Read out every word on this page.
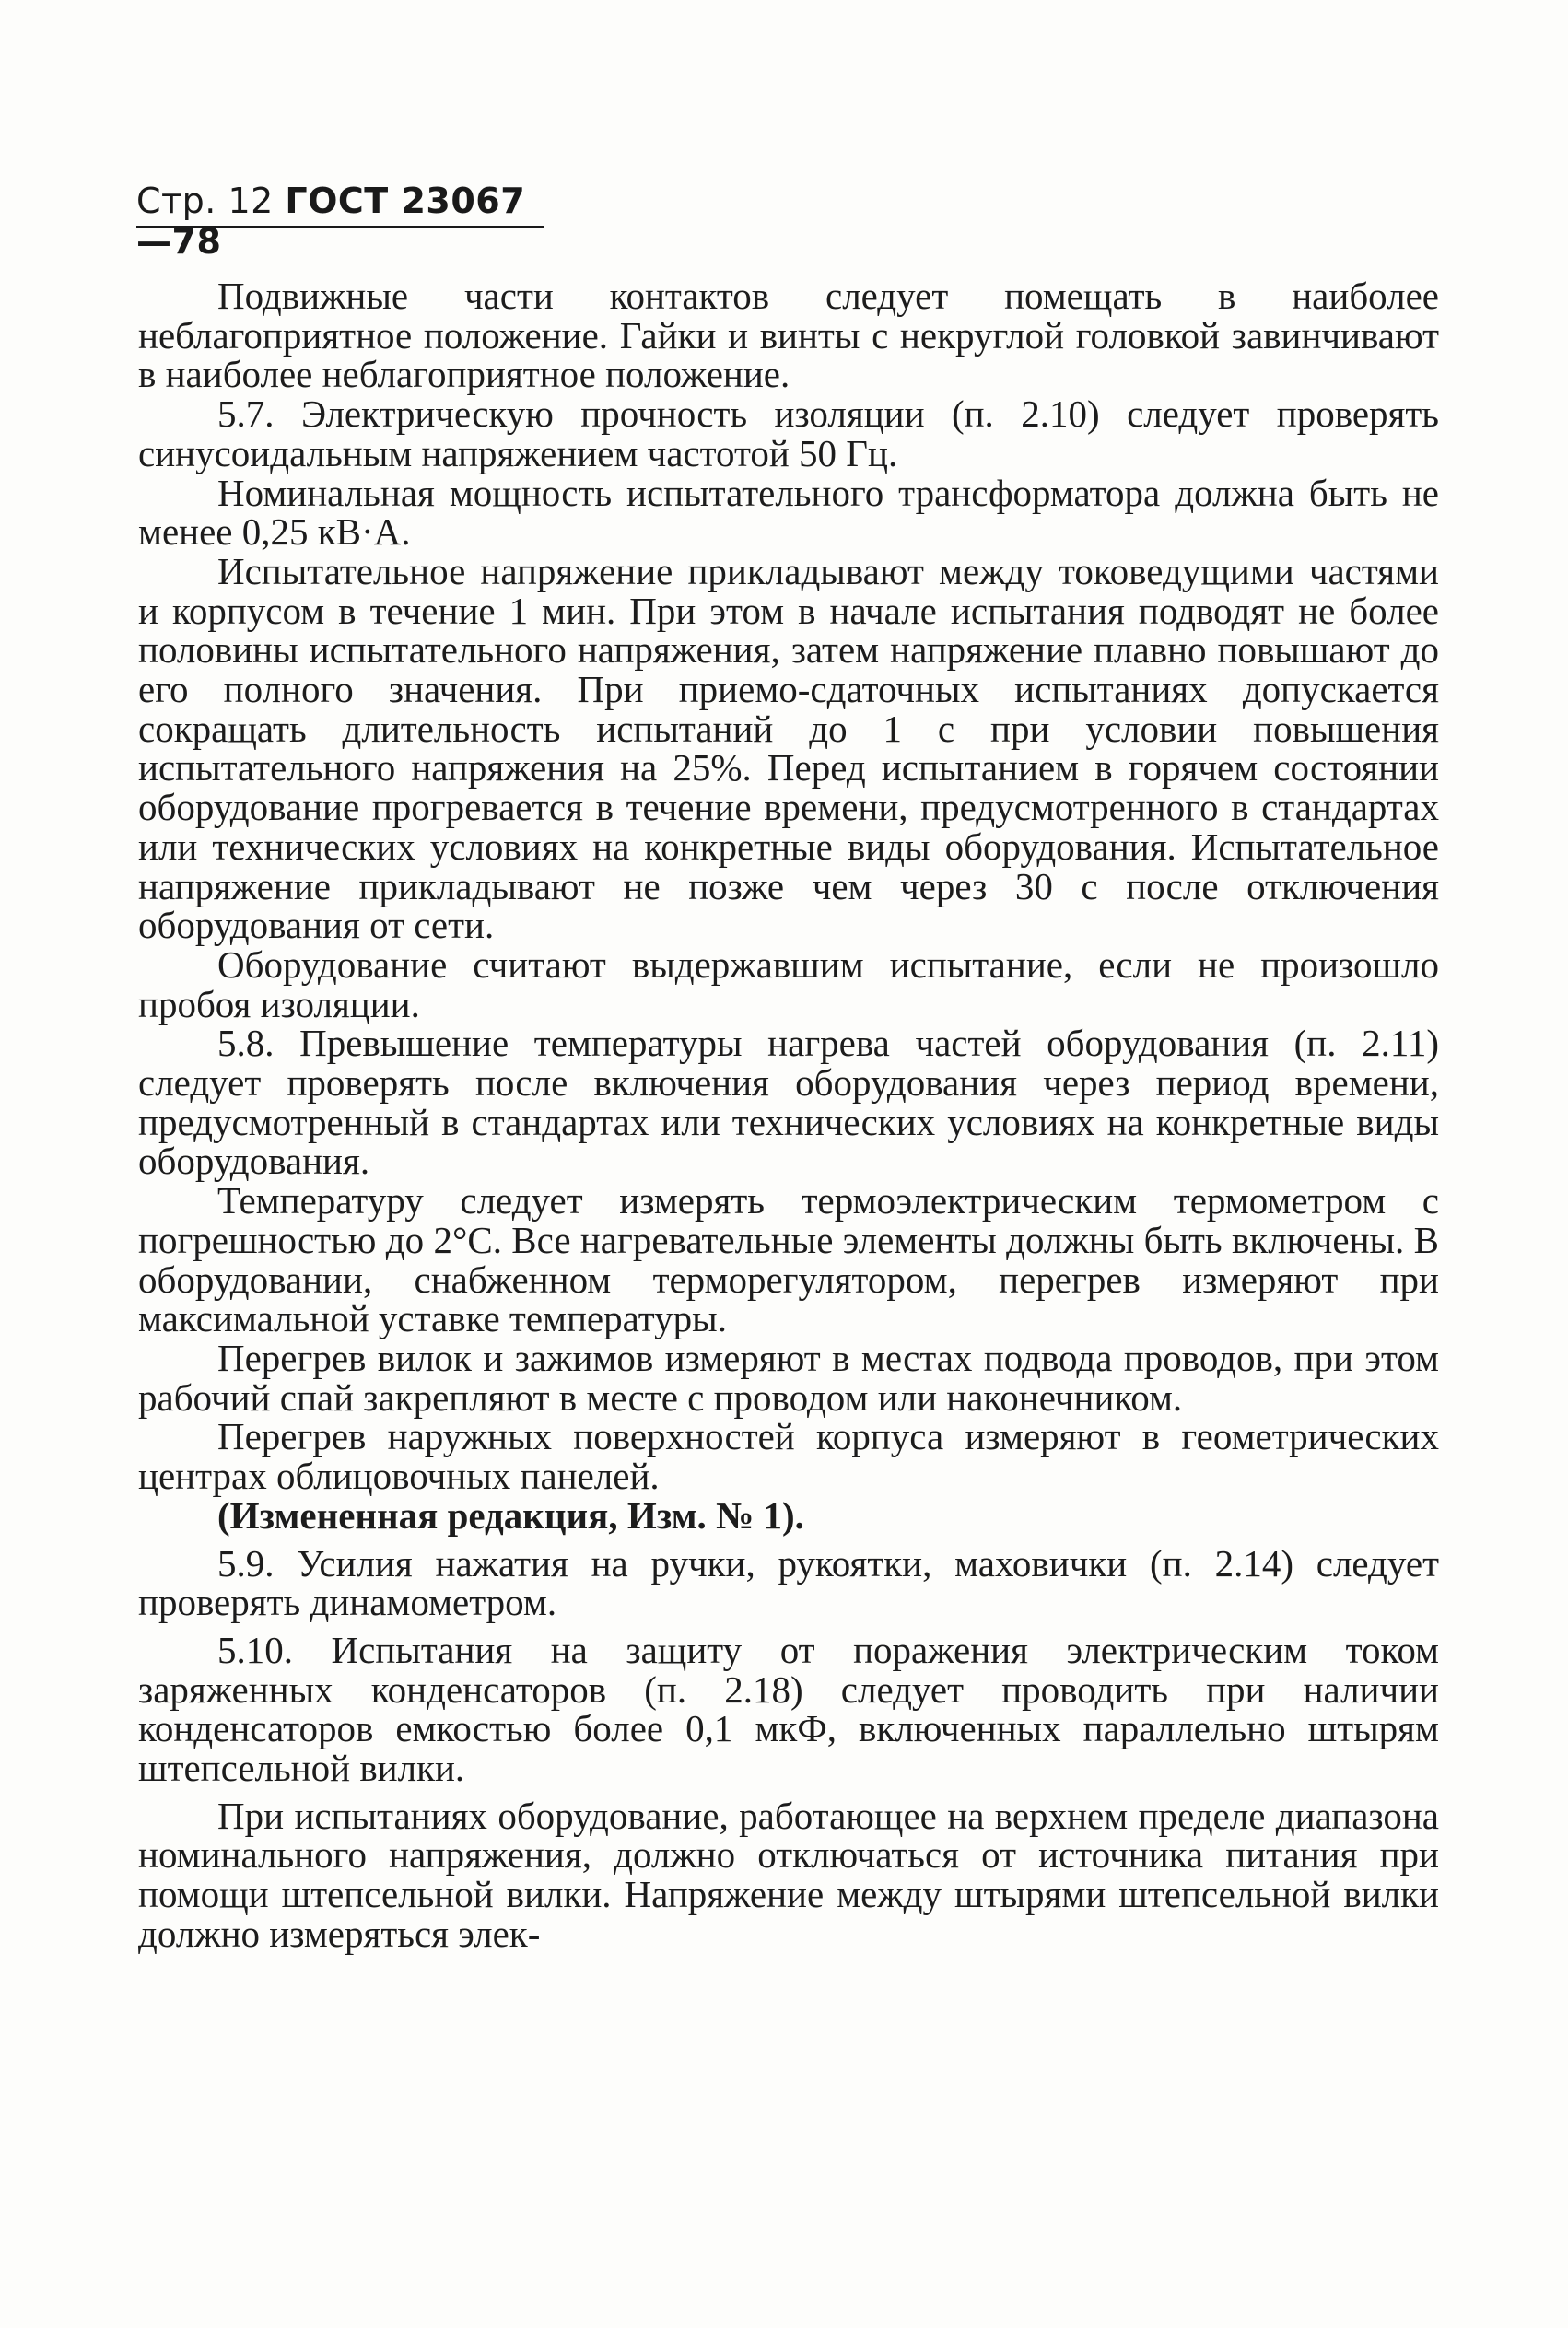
Стр. 12 ГОСТ 23067—78

Подвижные части контактов следует помещать в наиболее неблагоприятное положение. Гайки и винты с некруглой головкой завинчивают в наиболее неблагоприятное положение.

5.7. Электрическую прочность изоляции (п. 2.10) следует проверять синусоидальным напряжением частотой 50 Гц.

Номинальная мощность испытательного трансформатора должна быть не менее 0,25 кВ·А.

Испытательное напряжение прикладывают между токоведущими частями и корпусом в течение 1 мин. При этом в начале испытания подводят не более половины испытательного напряжения, затем напряжение плавно повышают до его полного значения. При приемо-сдаточных испытаниях допускается сокращать длительность испытаний до 1 с при условии повышения испытательного напряжения на 25%. Перед испытанием в горячем состоянии оборудование прогревается в течение времени, предусмотренного в стандартах или технических условиях на конкретные виды оборудования. Испытательное напряжение прикладывают не позже чем через 30 с после отключения оборудования от сети.

Оборудование считают выдержавшим испытание, если не произошло пробоя изоляции.

5.8. Превышение температуры нагрева частей оборудования (п. 2.11) следует проверять после включения оборудования через период времени, предусмотренный в стандартах или технических условиях на конкретные виды оборудования.

Температуру следует измерять термоэлектрическим термометром с погрешностью до 2°С. Все нагревательные элементы должны быть включены. В оборудовании, снабженном терморегулятором, перегрев измеряют при максимальной уставке температуры.

Перегрев вилок и зажимов измеряют в местах подвода проводов, при этом рабочий спай закрепляют в месте с проводом или наконечником.

Перегрев наружных поверхностей корпуса измеряют в геометрических центрах облицовочных панелей.

(Измененная редакция, Изм. № 1).

5.9. Усилия нажатия на ручки, рукоятки, маховички (п. 2.14) следует проверять динамометром.

5.10. Испытания на защиту от поражения электрическим током заряженных конденсаторов (п. 2.18) следует проводить при наличии конденсаторов емкостью более 0,1 мкФ, включенных параллельно штырям штепсельной вилки.

При испытаниях оборудование, работающее на верхнем пределе диапазона номинального напряжения, должно отключаться от источника питания при помощи штепсельной вилки. Напряжение между штырями штепсельной вилки должно измеряться элек-
